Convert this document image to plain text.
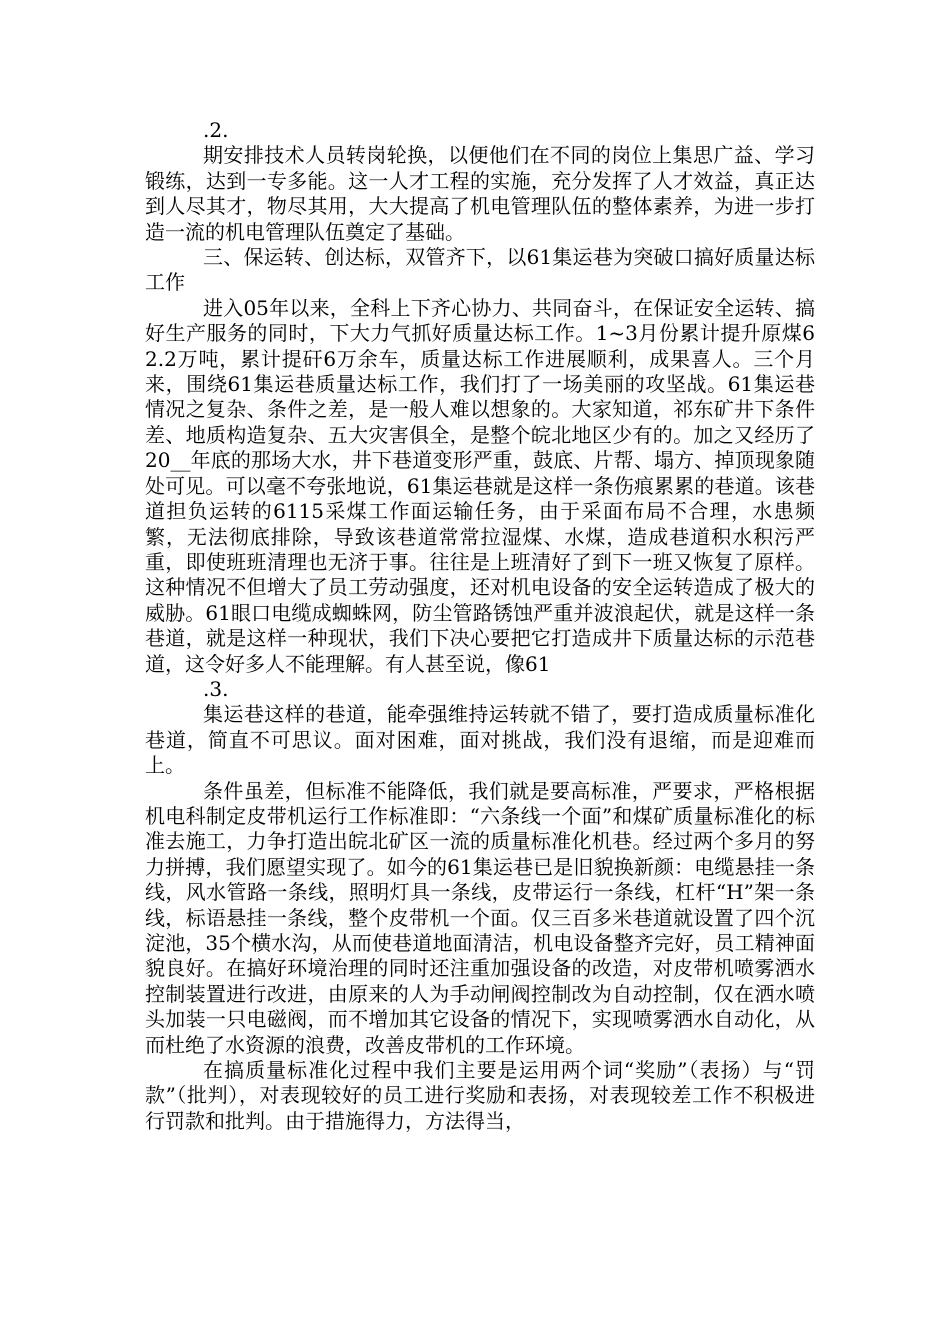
.2.

期安排技术人员转岗轮换，以便他们在不同的岗位上集思广益、学习锻练，达到一专多能。这一人才工程的实施，充分发挥了人才效益，真正达到人尽其才，物尽其用，大大提高了机电管理队伍的整体素养，为进一步打造一流的机电管理队伍奠定了基础。

三、保运转、创达标，双管齐下，以61集运巷为突破口搞好质量达标工作

进入05年以来，全科上下齐心协力、共同奋斗，在保证安全运转、搞好生产服务的同时，下大力气抓好质量达标工作。1~3月份累计提升原煤62.2万吨，累计提矸6万余车，质量达标工作进展顺利，成果喜人。三个月来，围绕61集运巷质量达标工作，我们打了一场美丽的攻坚战。61集运巷情况之复杂、条件之差，是一般人难以想象的。大家知道，祁东矿井下条件差、地质构造复杂、五大灾害俱全，是整个皖北地区少有的。加之又经历了20__年底的那场大水，井下巷道变形严重，鼓底、片帮、塌方、掉顶现象随处可见。可以毫不夸张地说，61集运巷就是这样一条伤痕累累的巷道。该巷道担负运转的6115采煤工作面运输任务，由于采面布局不合理，水患频繁，无法彻底排除，导致该巷道常常拉湿煤、水煤，造成巷道积水积污严重，即使班班清理也无济于事。往往是上班清好了到下一班又恢复了原样。这种情况不但增大了员工劳动强度，还对机电设备的安全运转造成了极大的威胁。61眼口电缆成蜘蛛网，防尘管路锈蚀严重并波浪起伏，就是这样一条巷道，就是这样一种现状，我们下决心要把它打造成井下质量达标的示范巷道，这令好多人不能理解。有人甚至说，像61

.3.

集运巷这样的巷道，能牵强维持运转就不错了，要打造成质量标准化巷道，简直不可思议。面对困难，面对挑战，我们没有退缩，而是迎难而上。

条件虽差，但标准不能降低，我们就是要高标准，严要求，严格根据机电科制定皮带机运行工作标准即：“六条线一个面”和煤矿质量标准化的标准去施工，力争打造出皖北矿区一流的质量标准化机巷。经过两个多月的努力拼搏，我们愿望实现了。如今的61集运巷已是旧貌换新颜：电缆悬挂一条线，风水管路一条线，照明灯具一条线，皮带运行一条线，杠杆“H”架一条线，标语悬挂一条线，整个皮带机一个面。仅三百多米巷道就设置了四个沉淀池，35个横水沟，从而使巷道地面清洁，机电设备整齐完好，员工精神面貌良好。在搞好环境治理的同时还注重加强设备的改造，对皮带机喷雾洒水控制装置进行改进，由原来的人为手动闸阀控制改为自动控制，仅在洒水喷头加装一只电磁阀，而不增加其它设备的情况下，实现喷雾洒水自动化，从而杜绝了水资源的浪费，改善皮带机的工作环境。

在搞质量标准化过程中我们主要是运用两个词“奖励”（表扬）与“罚款”（批判），对表现较好的员工进行奖励和表扬，对表现较差工作不积极进行罚款和批判。由于措施得力，方法得当，
